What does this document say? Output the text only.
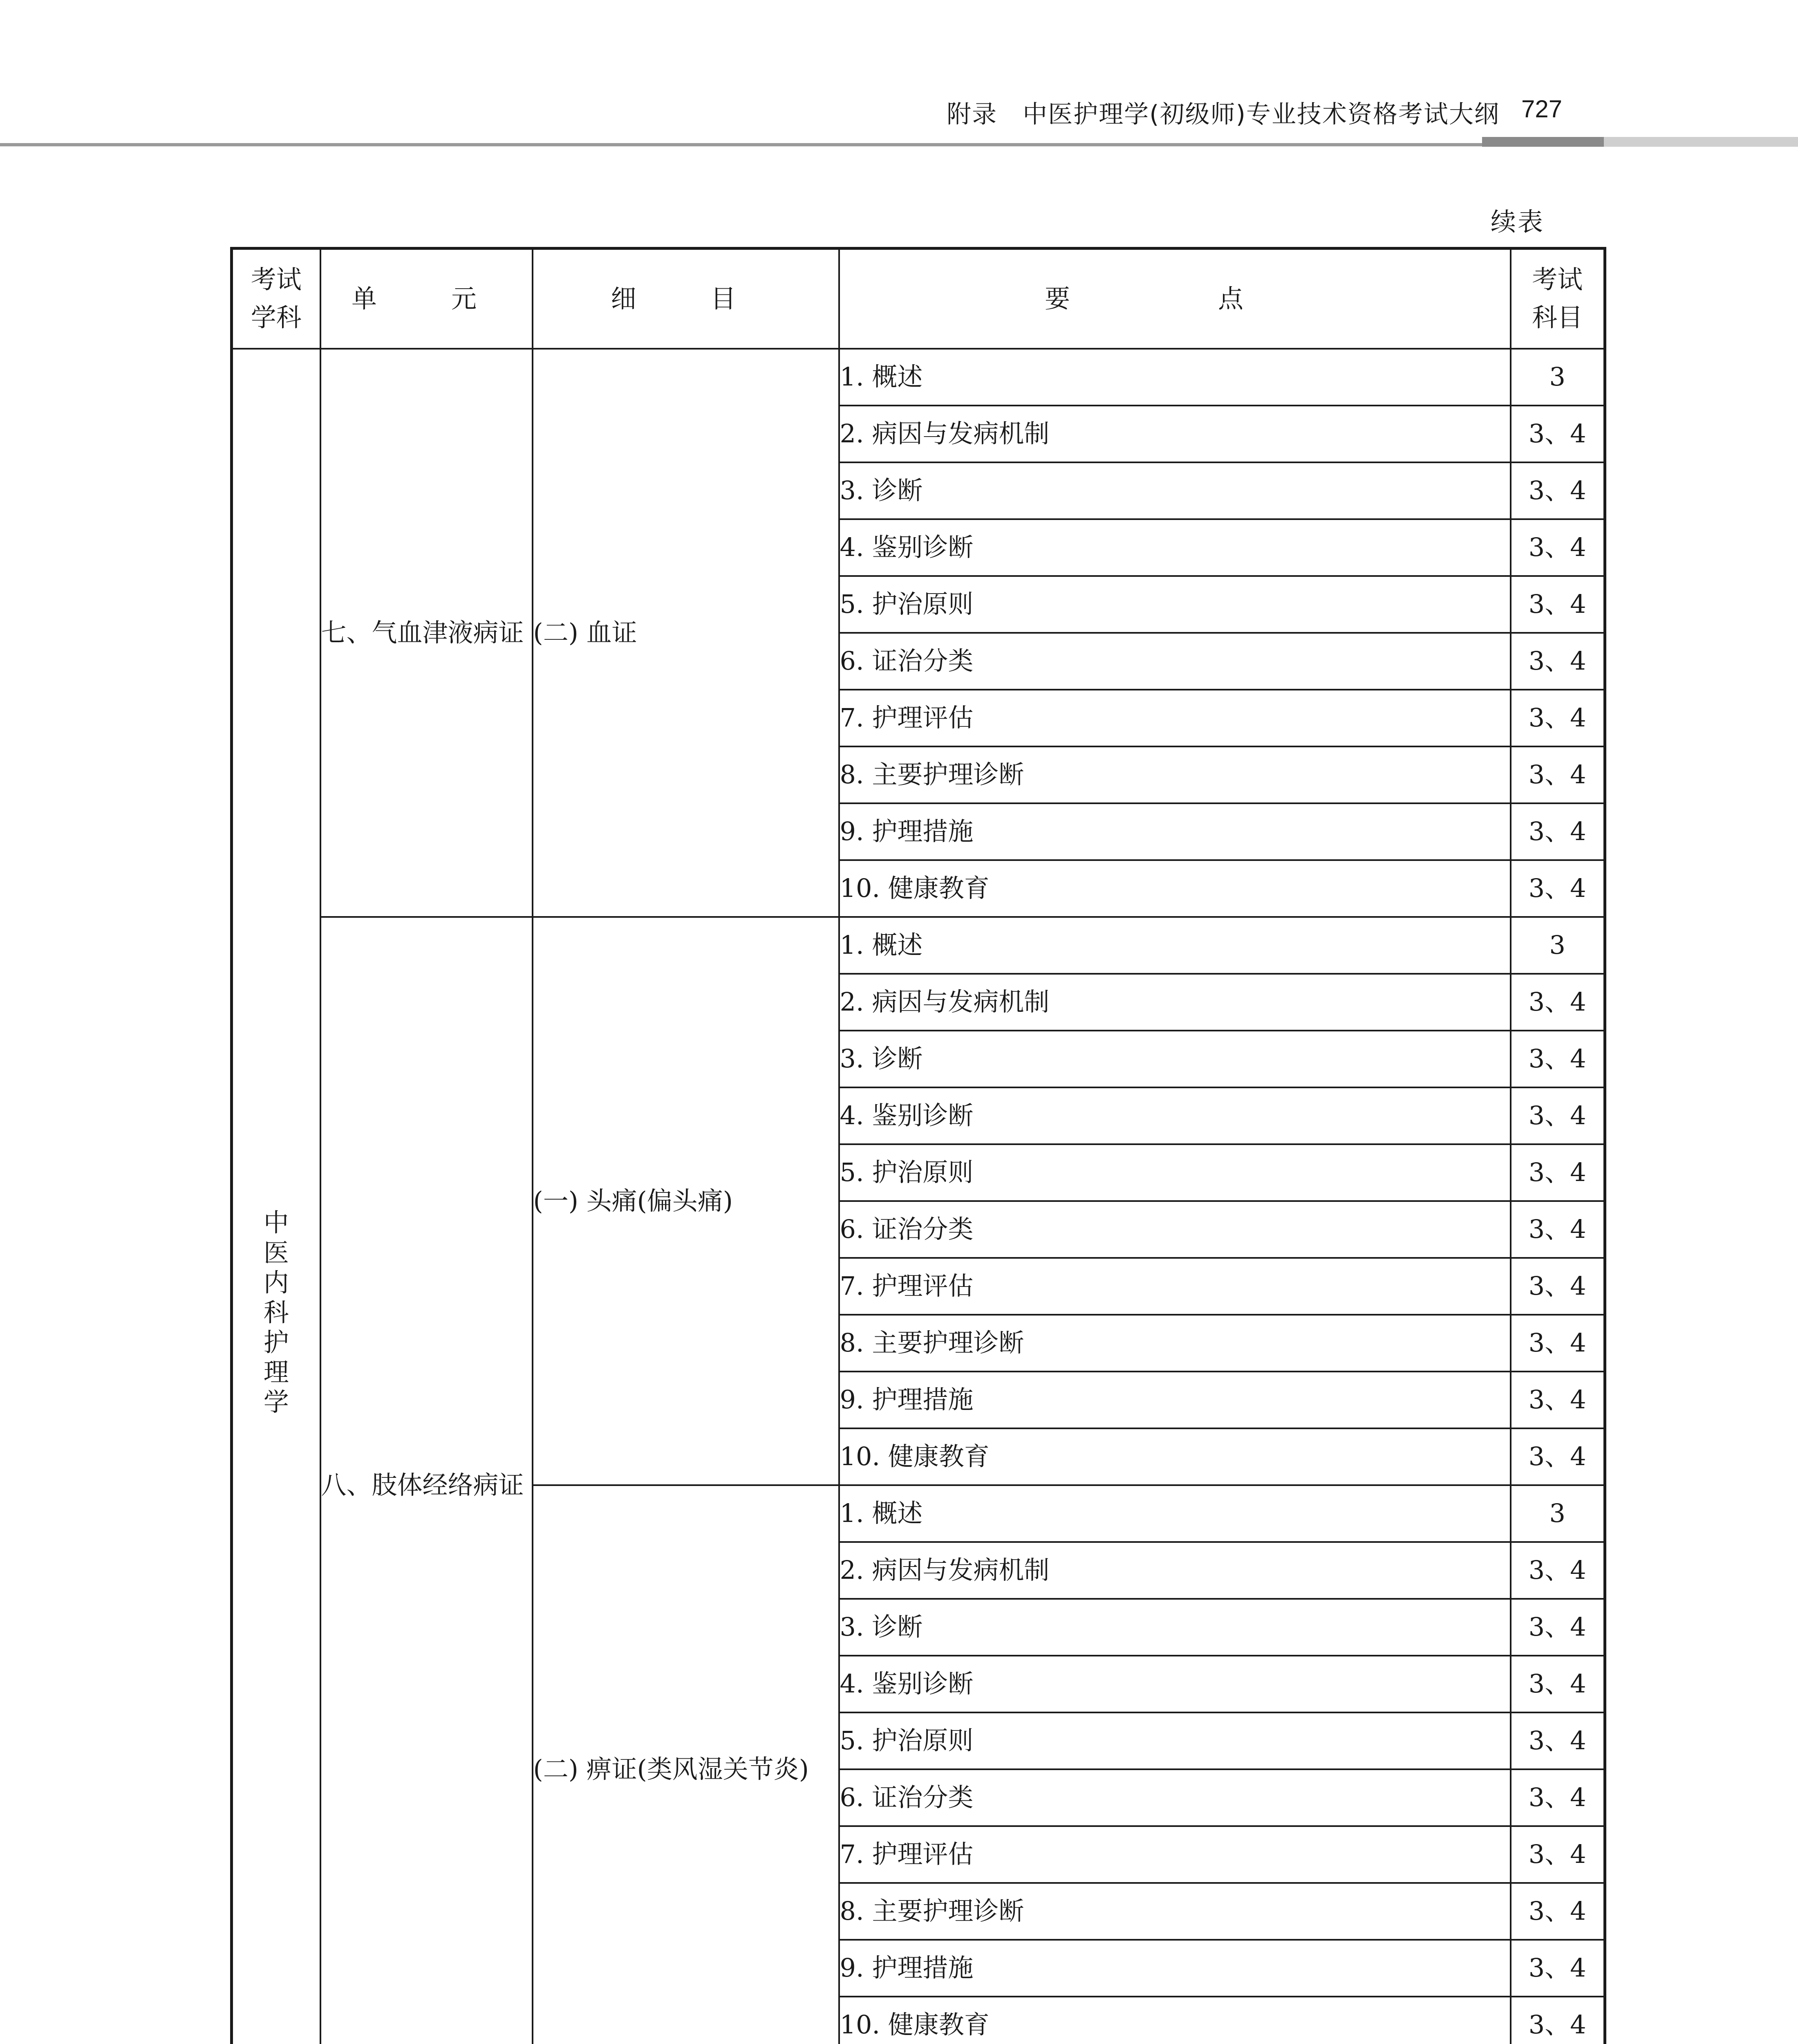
附录　中医护理学(初级师)专业技术资格考试大纲 727
续表
考试学科	单　元	细　目	要　点	考试科目
中医内科护理学	七、气血津液病证	(二) 血证	1. 概述	3
			2. 病因与发病机制	3、4
			3. 诊断	3、4
			4. 鉴别诊断	3、4
			5. 护治原则	3、4
			6. 证治分类	3、4
			7. 护理评估	3、4
			8. 主要护理诊断	3、4
			9. 护理措施	3、4
			10. 健康教育	3、4
	八、肢体经络病证	(一) 头痛(偏头痛)	1. 概述	3
			2. 病因与发病机制	3、4
			3. 诊断	3、4
			4. 鉴别诊断	3、4
			5. 护治原则	3、4
			6. 证治分类	3、4
			7. 护理评估	3、4
			8. 主要护理诊断	3、4
			9. 护理措施	3、4
			10. 健康教育	3、4
		(二) 痹证(类风湿关节炎)	1. 概述	3
			2. 病因与发病机制	3、4
			3. 诊断	3、4
			4. 鉴别诊断	3、4
			5. 护治原则	3、4
			6. 证治分类	3、4
			7. 护理评估	3、4
			8. 主要护理诊断	3、4
			9. 护理措施	3、4
			10. 健康教育	3、4
